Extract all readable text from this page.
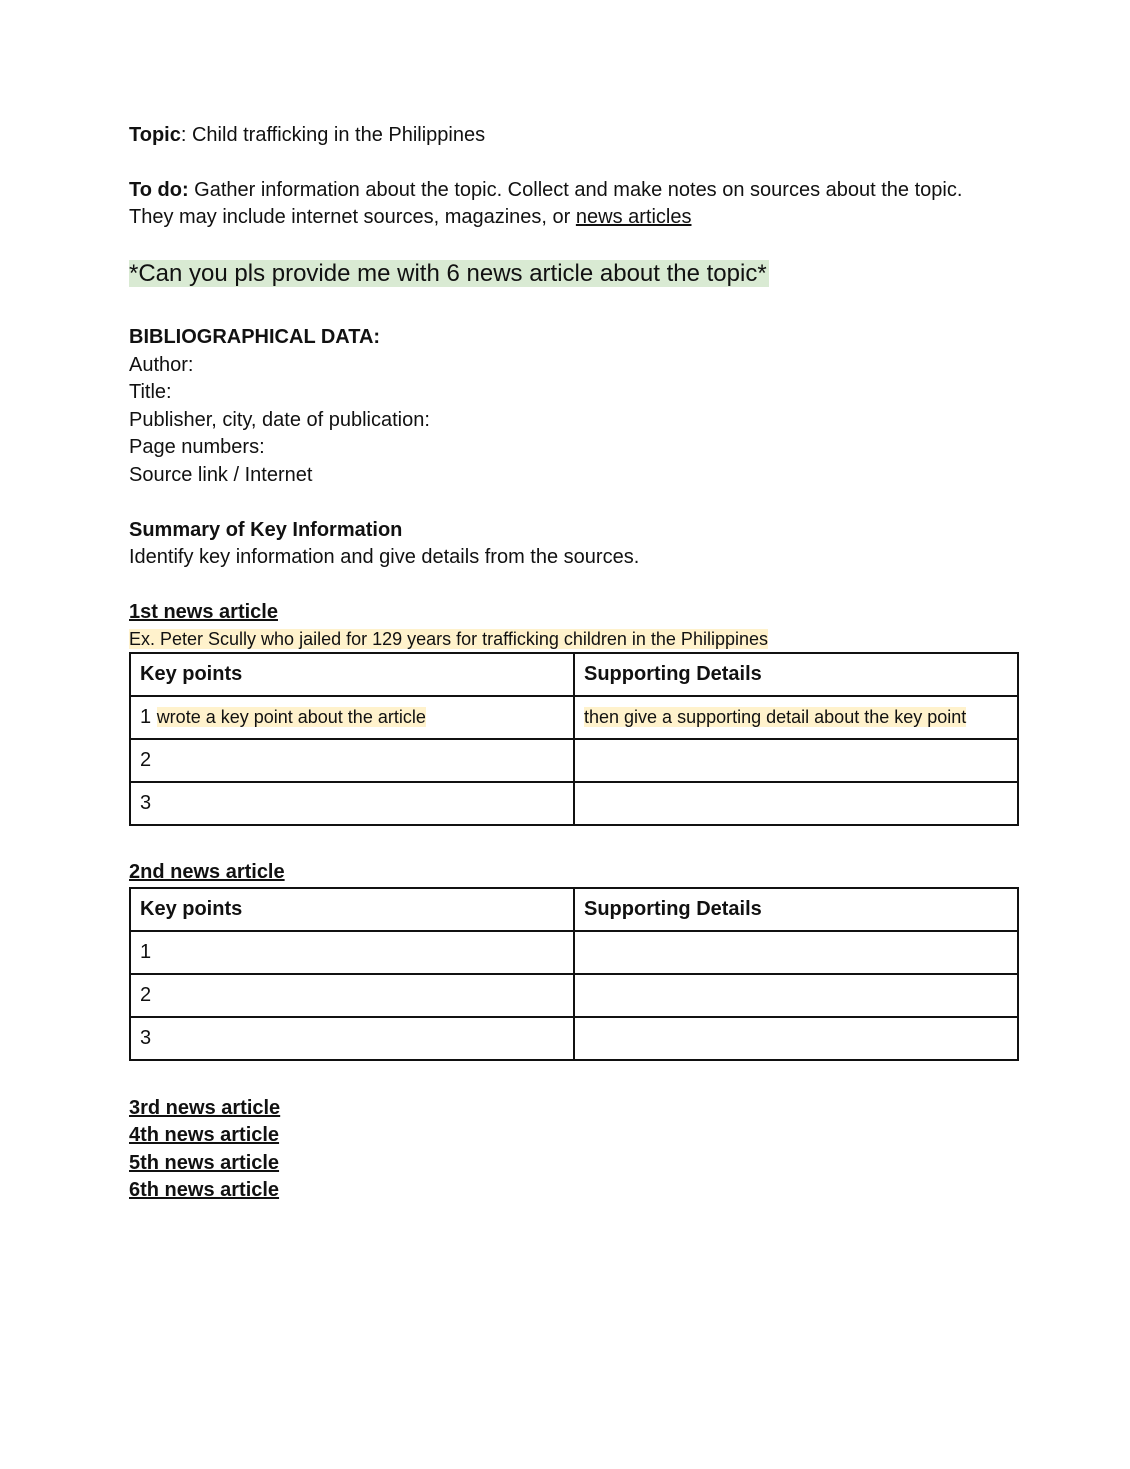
Topic: Child trafficking in the Philippines
To do: Gather information about the topic. Collect and make notes on sources about the topic.
They may include internet sources, magazines, or news articles
*Can you pls provide me with 6 news article about the topic*
BIBLIOGRAPHICAL DATA:
Author:
Title:
Publisher, city, date of publication:
Page numbers:
Source link / Internet
Summary of Key Information
Identify key information and give details from the sources.
1st news article
Ex. Peter Scully who jailed for 129 years for trafficking children in the Philippines
Key points	Supporting Details
1 wrote a key point about the article	then give a supporting detail about the key point
2	
3	
2nd news article
Key points	Supporting Details
1	
2	
3	
3rd news article
4th news article
5th news article
6th news article
